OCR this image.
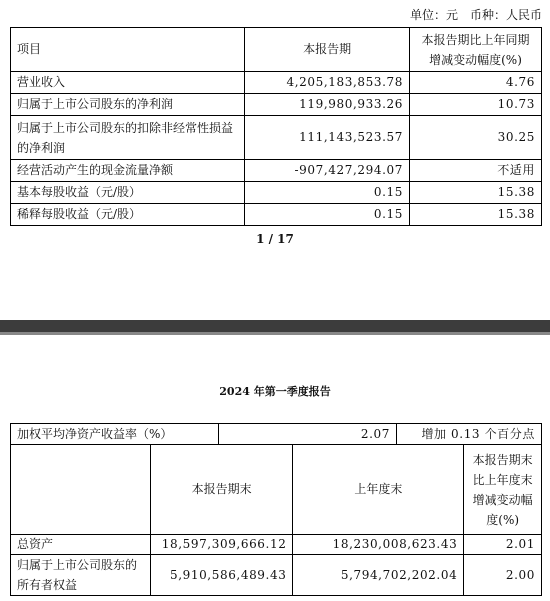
单位：元　币种：人民币
项目	本报告期	本报告期比上年同期增减变动幅度(%)
营业收入	4,205,183,853.78	4.76
归属于上市公司股东的净利润	119,980,933.26	10.73
归属于上市公司股东的扣除非经常性损益的净利润	111,143,523.57	30.25
经营活动产生的现金流量净额	-907,427,294.07	不适用
基本每股收益（元/股）	0.15	15.38
稀释每股收益（元/股）	0.15	15.38
1 / 17
2024 年第一季度报告
加权平均净资产收益率（%）	2.07	增加 0.13 个百分点
	本报告期末	上年度末	本报告期末比上年度末增减变动幅度(%)
总资产	18,597,309,666.12	18,230,008,623.43	2.01
归属于上市公司股东的所有者权益	5,910,586,489.43	5,794,702,202.04	2.00
